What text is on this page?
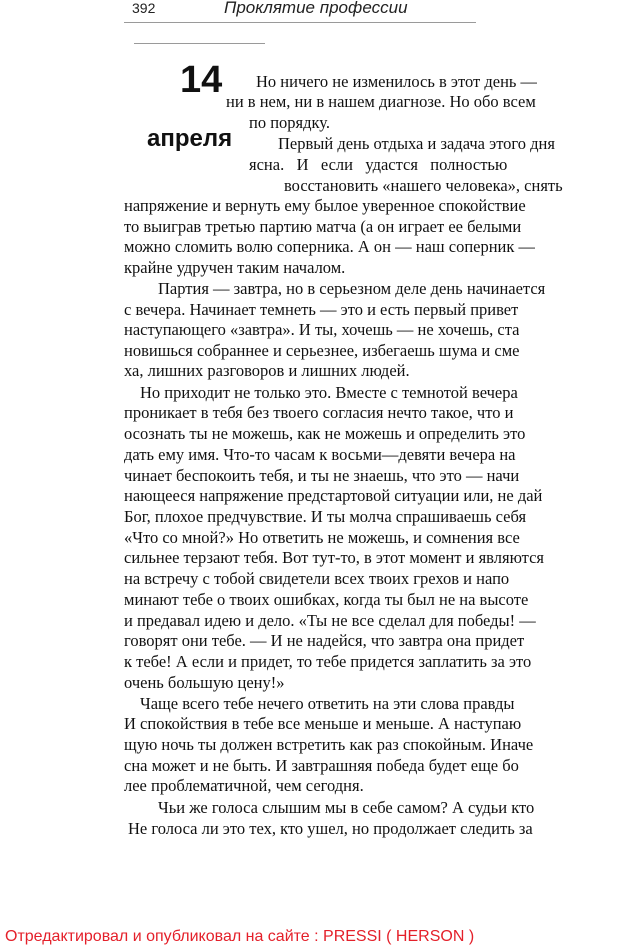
392	Проклятие профессии
14
апреля
Но ничего не изменилось в этот день —
ни в нем, ни в нашем диагнозе. Но обо всем
по порядку.
Первый день отдыха и задача этого дня
ясна.   И   если   удастся   полностью
восстановить «нашего человека», снять
напряжение и вернуть ему былое уверенное спокойствие
то выиграв третью партию матча (а он играет ее белыми
можно сломить волю соперника. А он — наш соперник —
крайне удручен таким началом.
Партия — завтра, но в серьезном деле день начинается
с вечера. Начинает темнеть — это и есть первый привет
наступающего «завтра». И ты, хочешь — не хочешь, ста
новишься собраннее и серьезнее, избегаешь шума и сме
ха, лишних разговоров и лишних людей.
Но приходит не только это. Вместе с темнотой вечера
проникает в тебя без твоего согласия нечто такое, что и
осознать ты не можешь, как не можешь и определить это
дать ему имя. Что-то часам к восьми—девяти вечера на
чинает беспокоить тебя, и ты не знаешь, что это — начи
нающееся напряжение предстартовой ситуации или, не дай
Бог, плохое предчувствие. И ты молча спрашиваешь себя
«Что со мной?» Но ответить не можешь, и сомнения все
сильнее терзают тебя. Вот тут-то, в этот момент и являются
на встречу с тобой свидетели всех твоих грехов и напо
минают тебе о твоих ошибках, когда ты был не на высоте
и предавал идею и дело. «Ты не все сделал для победы! —
говорят они тебе. — И не надейся, что завтра она придет
к тебе! А если и придет, то тебе придется заплатить за это
очень большую цену!»
Чаще всего тебе нечего ответить на эти слова правды
И спокойствия в тебе все меньше и меньше. А наступаю
щую ночь ты должен встретить как раз спокойным. Иначе
сна может и не быть. И завтрашняя победа будет еще бо
лее проблематичной, чем сегодня.
Чьи же голоса слышим мы в себе самом? А судьи кто
Не голоса ли это тех, кто ушел, но продолжает следить за
Отредактировал и опубликовал на сайте : PRESSI ( HERSON )
